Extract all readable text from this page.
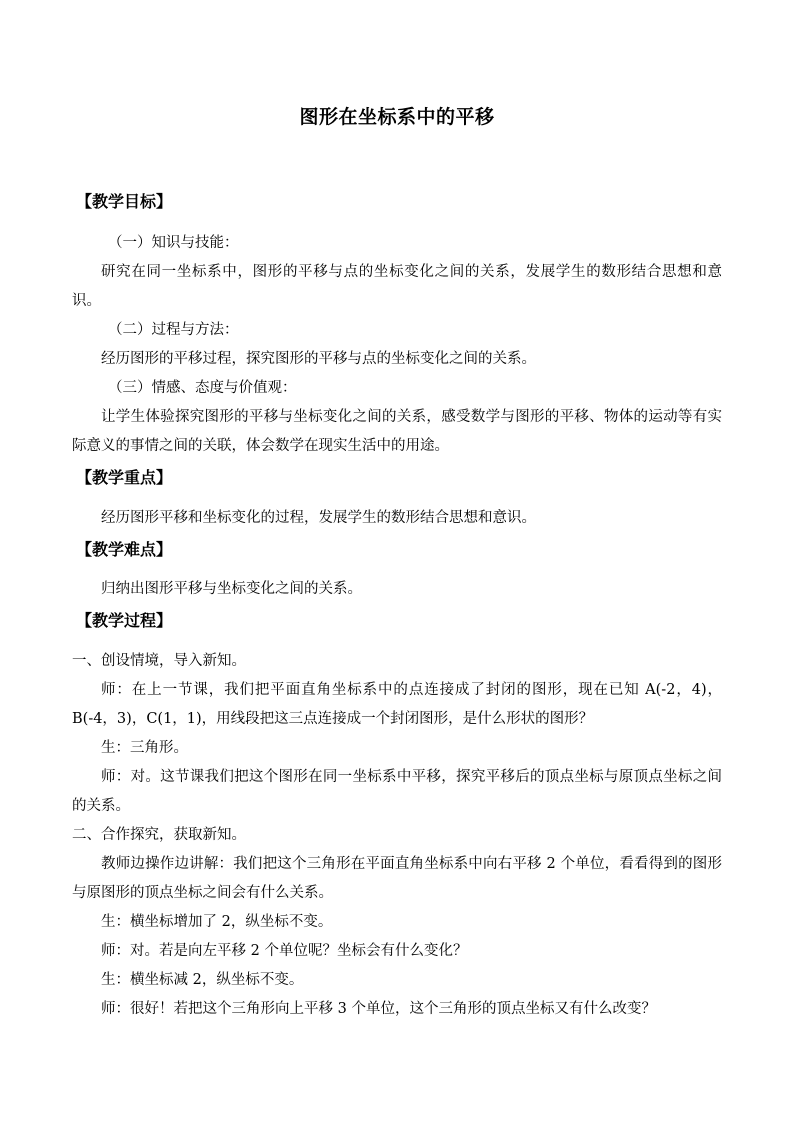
图形在坐标系中的平移
【教学目标】
（一）知识与技能：
研究在同一坐标系中，图形的平移与点的坐标变化之间的关系，发展学生的数形结合思想和意识。
（二）过程与方法：
经历图形的平移过程，探究图形的平移与点的坐标变化之间的关系。
（三）情感、态度与价值观：
让学生体验探究图形的平移与坐标变化之间的关系，感受数学与图形的平移、物体的运动等有实际意义的事情之间的关联，体会数学在现实生活中的用途。
【教学重点】
经历图形平移和坐标变化的过程，发展学生的数形结合思想和意识。
【教学难点】
归纳出图形平移与坐标变化之间的关系。
【教学过程】
一、创设情境，导入新知。
师：在上一节课，我们把平面直角坐标系中的点连接成了封闭的图形，现在已知 A(-2，4)，B(-4，3)，C(1，1)，用线段把这三点连接成一个封闭图形，是什么形状的图形？
生：三角形。
师：对。这节课我们把这个图形在同一坐标系中平移，探究平移后的顶点坐标与原顶点坐标之间的关系。
二、合作探究，获取新知。
教师边操作边讲解：我们把这个三角形在平面直角坐标系中向右平移 2 个单位，看看得到的图形与原图形的顶点坐标之间会有什么关系。
生：横坐标增加了 2，纵坐标不变。
师：对。若是向左平移 2 个单位呢？坐标会有什么变化？
生：横坐标减 2，纵坐标不变。
师：很好！若把这个三角形向上平移 3 个单位，这个三角形的顶点坐标又有什么改变？
